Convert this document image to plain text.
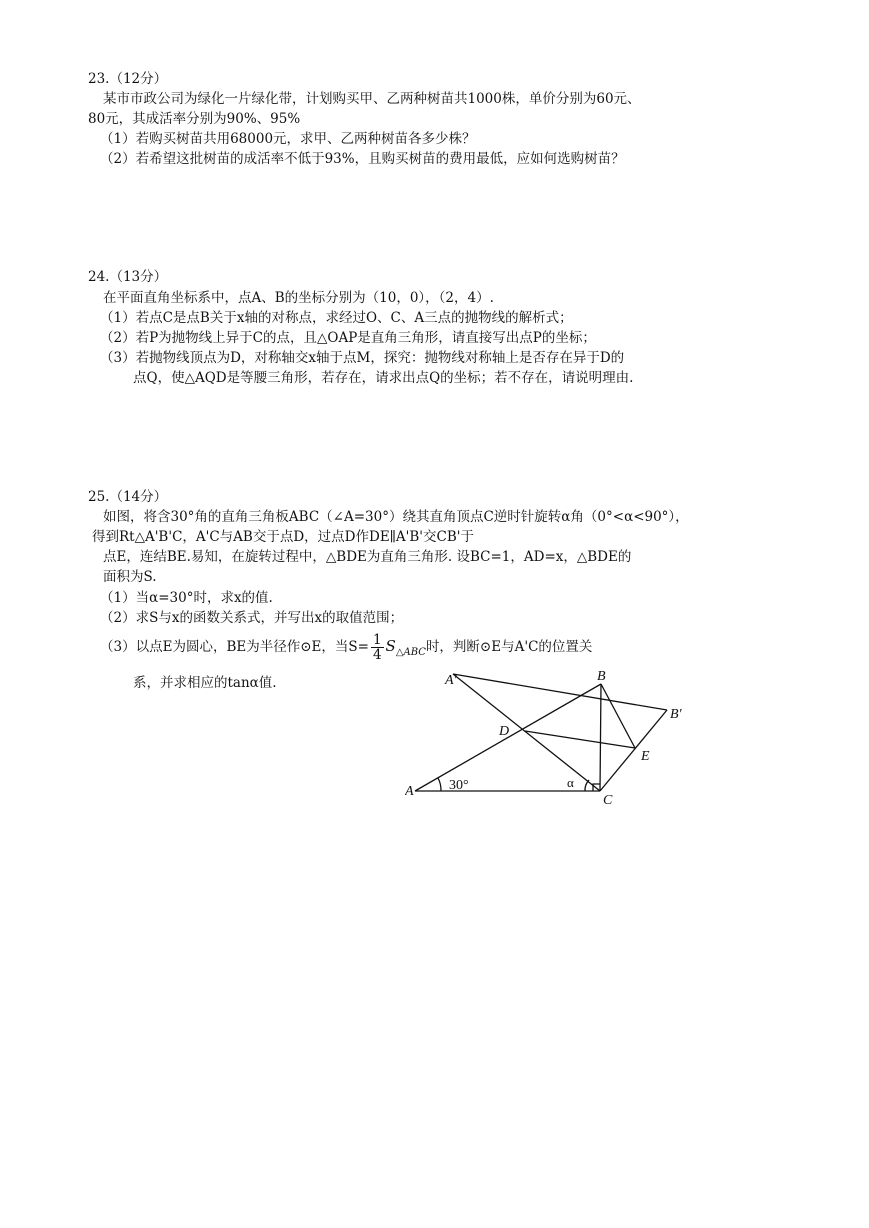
23.（12分）
某市市政公司为绿化一片绿化带，计划购买甲、乙两种树苗共1000株，单价分别为60元、
80元，其成活率分别为90%、95%
（1）若购买树苗共用68000元，求甲、乙两种树苗各多少株？
（2）若希望这批树苗的成活率不低于93%，且购买树苗的费用最低，应如何选购树苗？
24.（13分）
在平面直角坐标系中，点A、B的坐标分别为（10，0），（2，4）.
（1）若点C是点B关于x轴的对称点，求经过O、C、A三点的抛物线的解析式；
（2）若P为抛物线上异于C的点，且△OAP是直角三角形，请直接写出点P的坐标；
（3）若抛物线顶点为D，对称轴交x轴于点M，探究：抛物线对称轴上是否存在异于D的
点Q，使△AQD是等腰三角形，若存在，请求出点Q的坐标；若不存在，请说明理由.
25.（14分）
如图，将含30°角的直角三角板ABC（∠A=30°）绕其直角顶点C逆时针旋转α角（0°<α<90°），
得到Rt△A'B'C，A'C与AB交于点D，过点D作DE∥A'B'交CB'于
点E，连结BE.易知，在旋转过程中，△BDE为直角三角形. 设BC=1，AD=x，△BDE的
面积为S.
（1）当α=30°时，求x的值.
（2）求S与x的函数关系式，并写出x的取值范围；
（3）以点E为圆心，BE为半径作⊙E，当$S= \frac{1}{4} S_{\triangle ABC}$时，判断⊙E与A'C的位置关
系，并求相应的tanα值.
A
B
C
D
E
A'
B'
30°	α
